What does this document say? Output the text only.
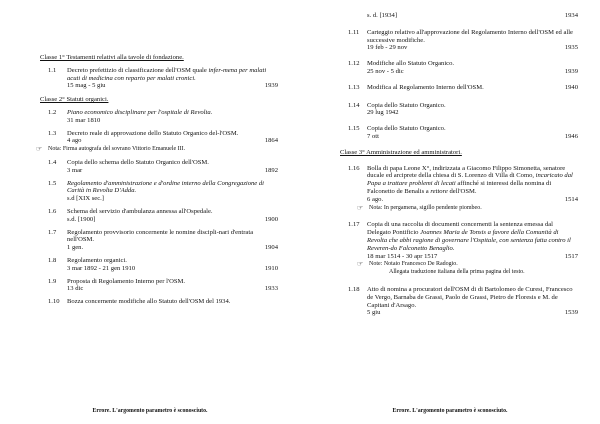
Classe 1° Testamenti relativi alla tavole di fondazione.
1.1 Decreto prefettizio di classificazione dell'OSM quale infer-mena per malati acuti di medicina con reparto per malati cronici.
15 mag - 5 giu	1939
Classe 2° Statuti organici.
1.2 Piano economico disciplinare per l'ospitale di Revolta.
31 mar 1810
1.3 Decreto reale di approvazione dello Statuto Organico del-l'OSM.
4 ago	1864
☞ Nota: Firma autografa del sovrano Vittorio Emanuele III.
1.4 Copia dello schema dello Statuto Organico dell'OSM.
3 mar	1892
1.5 Regolamento d'amministrazione e d'ordine interno della Congregazione di Carità in Revolta D'Adda.
s.d [XIX sec.]
1.6 Schema del servizio d'ambulanza annessa all'Ospedale.
s.d. [1900]	1900
1.7 Regolamento provvisorio concernente le nomine discipli-nari d'entrata nell'OSM.
1 gen.	1904
1.8 Regolamento organici.
3 mar 1892 - 21 gen 1910	1910
1.9 Proposta di Regolamento Interno per l'OSM.
13 dic	1933
1.10 Bozza concernente modifiche allo Statuto dell'OSM del 1934.
Errore. L'argomento parametro è sconosciuto.
s. d. [1934]	1934
1.11 Carteggio relativo all'approvazione del Regolamento Interno dell'OSM ed alle successive modifiche.
19 feb - 29 nov	1935
1.12 Modifiche allo Statuto Organico.
25 nov - 5 dic	1939
1.13 Modifica al Regolamento Interno dell'OSM.	1940
1.14 Copia dello Statuto Organico.
29 lug 1942
1.15 Copia dello Statuto Organico.
7 ott	1946
Classe 3° Amministrazione ed amministratori.
1.16 Bolla di papa Leone X°, indirizzata a Giacomo Filippo Simonetta, senatore ducale ed arciprete della chiesa di S. Lorenzo di Villa di Como, incaricato dal Papa a trattare problemi di lecati affinché si interessi della nomina di Falconetto de Benalis a rettore dell'OSM.
6 ago.	1514
☞ Nota: In pergamena, sigillo pendente piombeo.
1.17 Copia di una raccolta di documenti concernenti la sentenza emessa dal Delegato Pontificio Joannes Maria de Tonsis a favore della Comunità di Revolta che abbi ragione di governare l'Ospitale, con sentenza fatta contro il Reveren-do Falconetto Benaglio.
18 mar 1514 - 30 apr 1517	1517
☞ Note: Notaio Francesco De Radogio.
Allegata traduzione italiana della prima pagina del testo.
1.18 Atto di nomina a procuratori dell'OSM di di Bartolomeo de Curesi, Francesco de Vergo, Barnaba de Grassi, Paolo de Grassi, Pietro de Floresis e M. de Capitani d'Arsago.
5 giu	1539
Errore. L'argomento parametro è sconosciuto.
